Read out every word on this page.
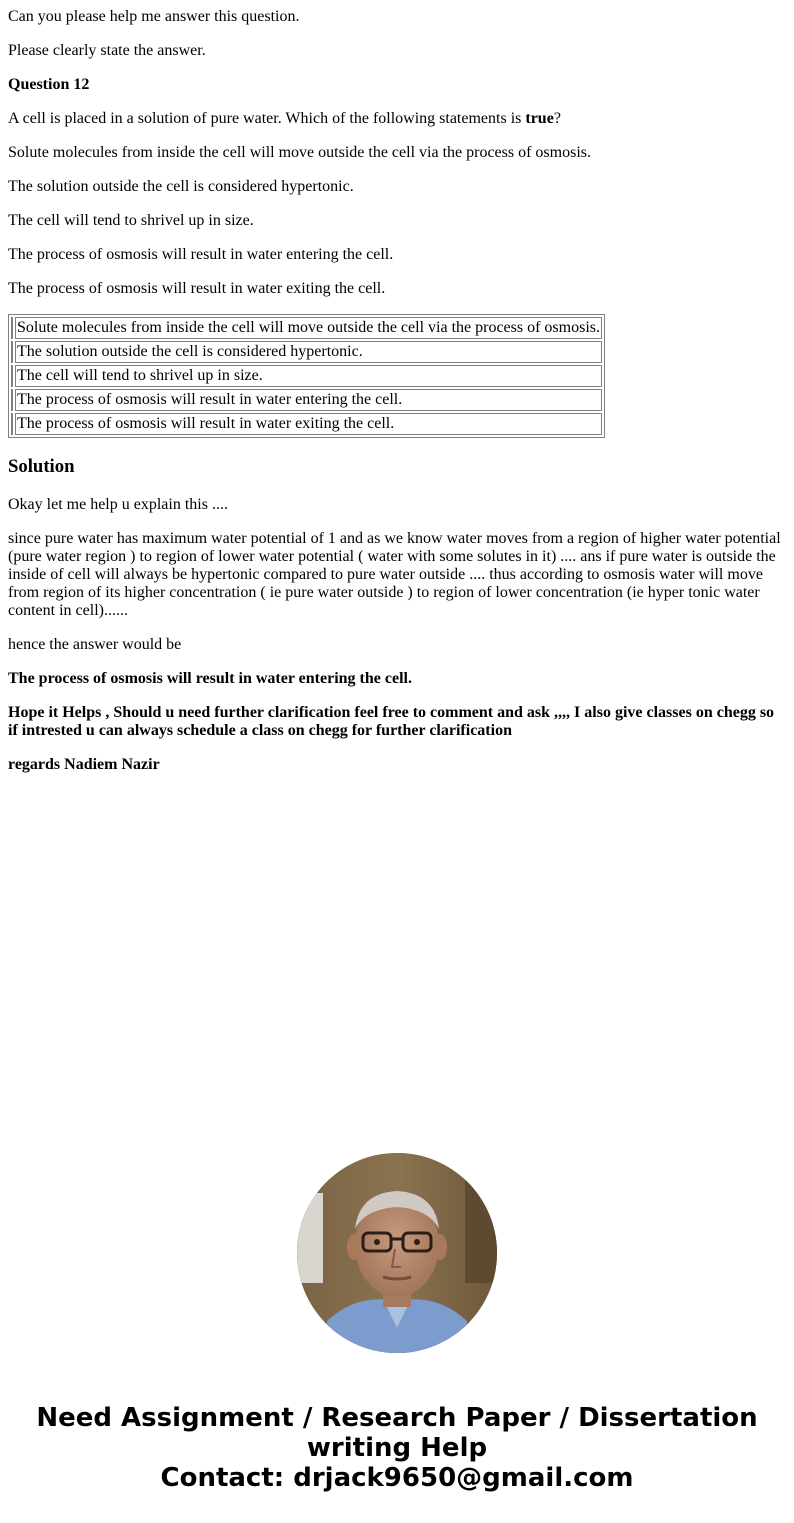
Can you please help me answer this question.

Please clearly state the answer.

Question 12

A cell is placed in a solution of pure water. Which of the following statements is true?

Solute molecules from inside the cell will move outside the cell via the process of osmosis.

The solution outside the cell is considered hypertonic.

The cell will tend to shrivel up in size.

The process of osmosis will result in water entering the cell.

The process of osmosis will result in water exiting the cell.

	Solute molecules from inside the cell will move outside the cell via the process of osmosis.
	The solution outside the cell is considered hypertonic.
	The cell will tend to shrivel up in size.
	The process of osmosis will result in water entering the cell.
	The process of osmosis will result in water exiting the cell.
Solution

Okay let me help u explain this ....

since pure water has maximum water potential of 1 and as we know water moves from a region of higher water potential (pure water region ) to region of lower water potential ( water with some solutes in it) .... ans if pure water is outside the inside of cell will always be hypertonic compared to pure water outside .... thus according to osmosis water will move from region of its higher concentration ( ie pure water outside ) to region of lower concentration (ie hyper tonic water content in cell)......

hence the answer would be

The process of osmosis will result in water entering the cell.

Hope it Helps , Should u need further clarification feel free to comment and ask ,,,, I also give classes on chegg so if intrested u can always schedule a class on chegg for further clarification

regards Nadiem Nazir

Need Assignment / Research Paper / Dissertation
writing Help
Contact: drjack9650@gmail.com
